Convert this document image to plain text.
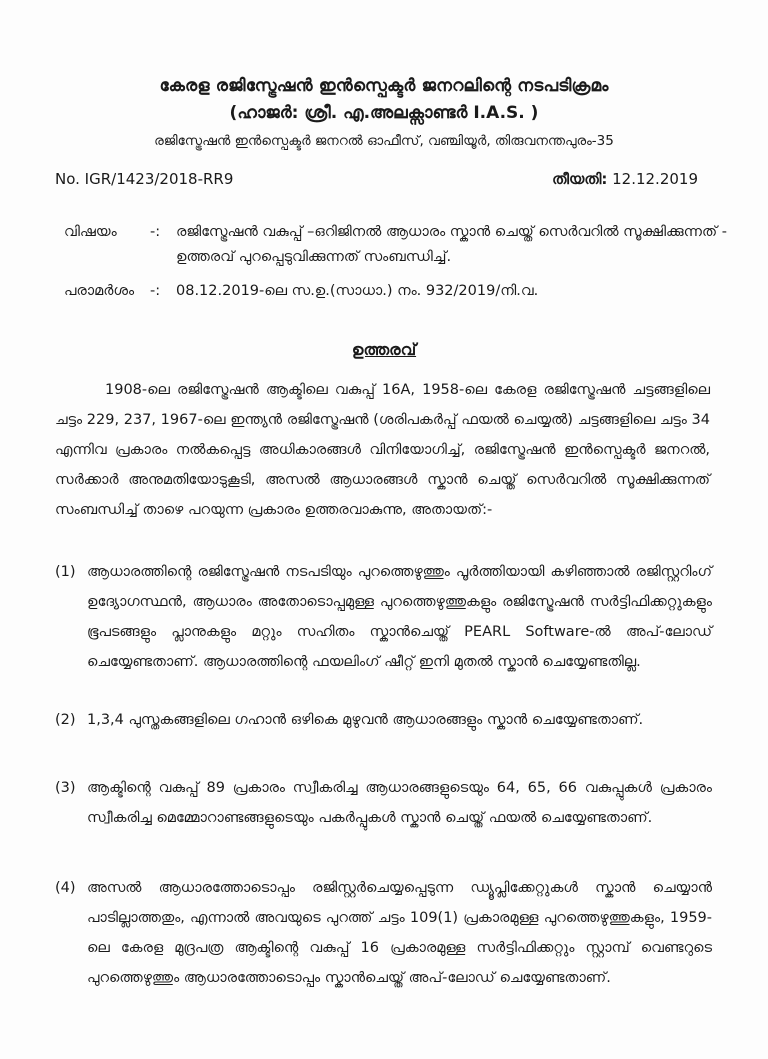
കേരള രജിസ്ട്രേഷൻ ഇൻസ്പെക്ടർ ജനറലിന്റെ നടപടിക്രമം
(ഹാജർ: ശ്രീ. എ.അലക്സാണ്ടർ I.A.S. )
രജിസ്ട്രേഷൻ ഇൻസ്പെക്ടർ ജനറൽ ഓഫീസ്, വഞ്ചിയൂർ, തിരുവനന്തപുരം-35
No. IGR/1423/2018-RR9	തീയതി: 12.12.2019
വിഷയം	-: രജിസ്ട്രേഷൻ വകുപ്പ് –ഒറിജിനൽ ആധാരം സ്കാൻ ചെയ്ത് സെർവറിൽ സൂക്ഷിക്കുന്നത് - ഉത്തരവ് പുറപ്പെടുവിക്കുന്നത് സംബന്ധിച്ച്.
പരാമർശം	-: 08.12.2019-ലെ സ.ഉ.(സാധാ.) നം. 932/2019/നി.വ.
ഉത്തരവ്
1908-ലെ രജിസ്ട്രേഷൻ ആക്ടിലെ വകുപ്പ് 16A, 1958-ലെ കേരള രജിസ്ട്രേഷൻ ചട്ടങ്ങളിലെ ചട്ടം 229, 237, 1967-ലെ ഇന്ത്യൻ രജിസ്ട്രേഷൻ (ശരിപകർപ്പ് ഫയൽ ചെയ്യൽ) ചട്ടങ്ങളിലെ ചട്ടം 34 എന്നിവ പ്രകാരം നൽകപ്പെട്ട അധികാരങ്ങൾ വിനിയോഗിച്ച്, രജിസ്ട്രേഷൻ ഇൻസ്പെക്ടർ ജനറൽ, സർക്കാർ അനുമതിയോടുകൂടി, അസൽ ആധാരങ്ങൾ സ്കാൻ ചെയ്ത് സെർവറിൽ സൂക്ഷിക്കുന്നത് സംബന്ധിച്ച് താഴെ പറയുന്ന പ്രകാരം ഉത്തരവാകുന്നു, അതായത്:-
(1) ആധാരത്തിന്റെ രജിസ്ട്രേഷൻ നടപടിയും പുറത്തെഴുത്തും പൂർത്തിയായി കഴിഞ്ഞാൽ രജിസ്റ്ററിംഗ് ഉദ്യോഗസ്ഥൻ, ആധാരം അതോടൊപ്പമുള്ള പുറത്തെഴുത്തുകളും രജിസ്ട്രേഷൻ സർട്ടിഫിക്കറ്റുകളും ഭൂപടങ്ങളും പ്ലാനുകളും മറ്റും സഹിതം സ്കാൻചെയ്ത് PEARL Software-ൽ അപ്-ലോഡ് ചെയ്യേണ്ടതാണ്. ആധാരത്തിന്റെ ഫയലിംഗ് ഷീറ്റ് ഇനി മുതൽ സ്കാൻ ചെയ്യേണ്ടതില്ല.
(2) 1,3,4 പുസ്തകങ്ങളിലെ ഗഹാൻ ഒഴികെ മുഴുവൻ ആധാരങ്ങളും സ്കാൻ ചെയ്യേണ്ടതാണ്.
(3) ആക്ടിന്റെ വകുപ്പ് 89 പ്രകാരം സ്വീകരിച്ച ആധാരങ്ങളുടെയും 64, 65, 66 വകുപ്പുകൾ പ്രകാരം സ്വീകരിച്ച മെമ്മോറാണ്ടങ്ങളുടെയും പകർപ്പുകൾ സ്കാൻ ചെയ്ത് ഫയൽ ചെയ്യേണ്ടതാണ്.
(4) അസൽ ആധാരത്തോടൊപ്പം രജിസ്റ്റർചെയ്യപ്പെടുന്ന ഡ്യൂപ്ലിക്കേറ്റുകൾ സ്കാൻ ചെയ്യാൻ പാടില്ലാത്തതും, എന്നാൽ അവയുടെ പുറത്ത് ചട്ടം 109(1) പ്രകാരമുള്ള പുറത്തെഴുത്തുകളും, 1959-ലെ കേരള മുദ്രപത്ര ആക്ടിന്റെ വകുപ്പ് 16 പ്രകാരമുള്ള സർട്ടിഫിക്കറ്റും സ്റ്റാമ്പ് വെണ്ടറുടെ പുറത്തെഴുത്തും ആധാരത്തോടൊപ്പം സ്കാൻചെയ്ത് അപ്-ലോഡ് ചെയ്യേണ്ടതാണ്.
